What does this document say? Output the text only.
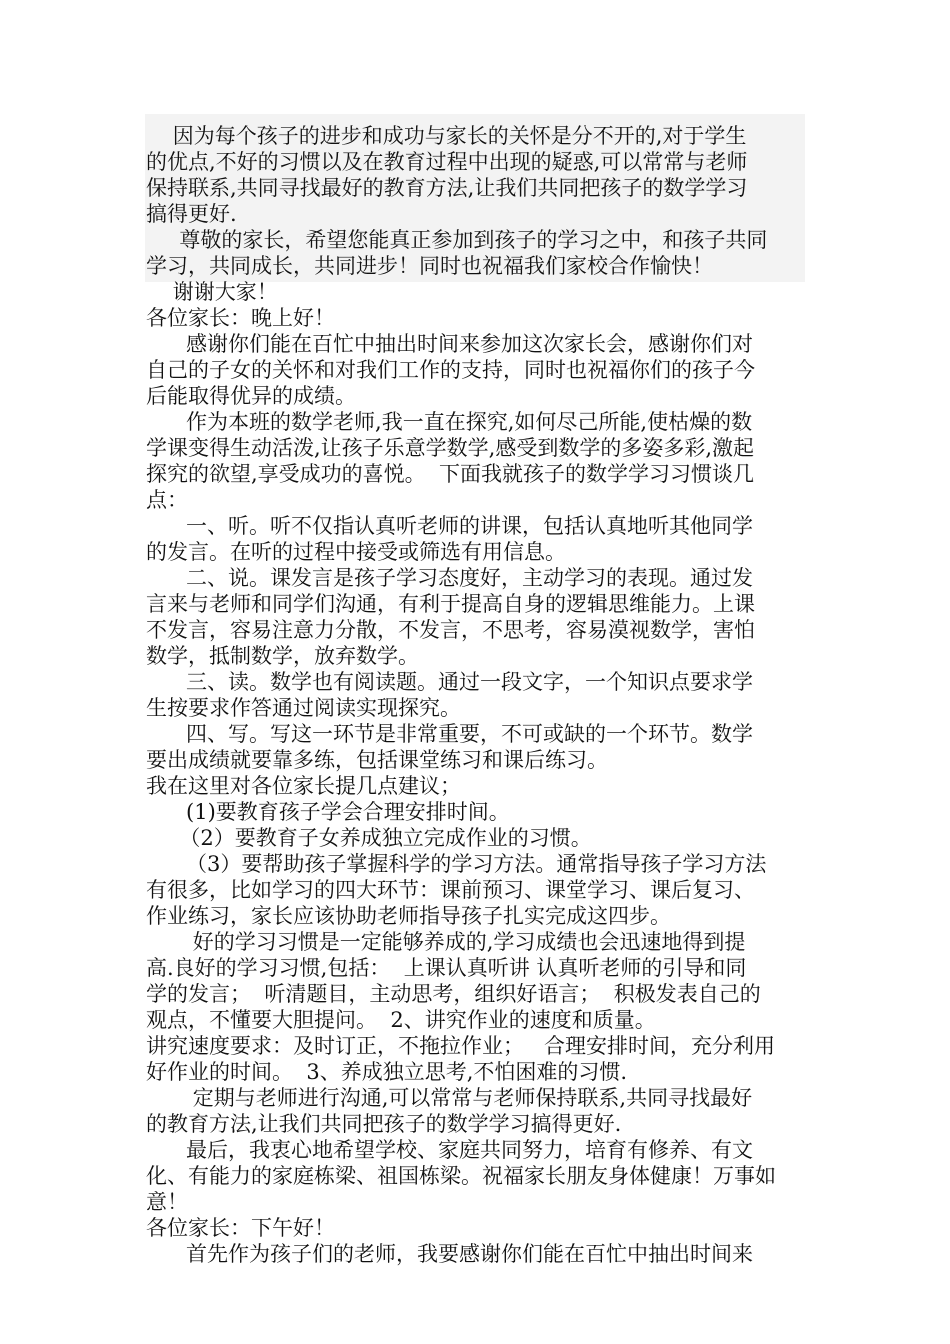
因为每个孩子的进步和成功与家长的关怀是分不开的,对于学生
的优点,不好的习惯以及在教育过程中出现的疑惑,可以常常与老师
保持联系,共同寻找最好的教育方法,让我们共同把孩子的数学学习
搞得更好.
尊敬的家长，希望您能真正参加到孩子的学习之中，和孩子共同
学习，共同成长，共同进步！同时也祝福我们家校合作愉快！
谢谢大家！
各位家长：晚上好！
感谢你们能在百忙中抽出时间来参加这次家长会，感谢你们对
自己的子女的关怀和对我们工作的支持，同时也祝福你们的孩子今
后能取得优异的成绩。
作为本班的数学老师,我一直在探究,如何尽己所能,使枯燥的数
学课变得生动活泼,让孩子乐意学数学,感受到数学的多姿多彩,激起
探究的欲望,享受成功的喜悦。  下面我就孩子的数学学习习惯谈几
点：
一、听。听不仅指认真听老师的讲课，包括认真地听其他同学
的发言。在听的过程中接受或筛选有用信息。
二、说。课发言是孩子学习态度好，主动学习的表现。通过发
言来与老师和同学们沟通，有利于提高自身的逻辑思维能力。上课
不发言，容易注意力分散，不发言，不思考，容易漠视数学，害怕
数学，抵制数学，放弃数学。
三、读。数学也有阅读题。通过一段文字，一个知识点要求学
生按要求作答通过阅读实现探究。
四、写。写这一环节是非常重要，不可或缺的一个环节。数学
要出成绩就要靠多练，包括课堂练习和课后练习。
我在这里对各位家长提几点建议；
(1)要教育孩子学会合理安排时间。
（2）要教育子女养成独立完成作业的习惯。
（3）要帮助孩子掌握科学的学习方法。通常指导孩子学习方法
有很多，比如学习的四大环节：课前预习、课堂学习、课后复习、
作业练习，家长应该协助老师指导孩子扎实完成这四步。
好的学习习惯是一定能够养成的,学习成绩也会迅速地得到提
高.良好的学习习惯,包括：  上课认真听讲 认真听老师的引导和同
学的发言；  听清题目，主动思考，组织好语言；  积极发表自己的
观点，不懂要大胆提问。  2、讲究作业的速度和质量。
讲究速度要求：及时订正，不拖拉作业；   合理安排时间，充分利用
好作业的时间。  3、养成独立思考,不怕困难的习惯.
定期与老师进行沟通,可以常常与老师保持联系,共同寻找最好
的教育方法,让我们共同把孩子的数学学习搞得更好.
最后，我衷心地希望学校、家庭共同努力，培育有修养、有文
化、有能力的家庭栋梁、祖国栋梁。祝福家长朋友身体健康！万事如
意！
各位家长：下午好！
首先作为孩子们的老师，我要感谢你们能在百忙中抽出时间来
